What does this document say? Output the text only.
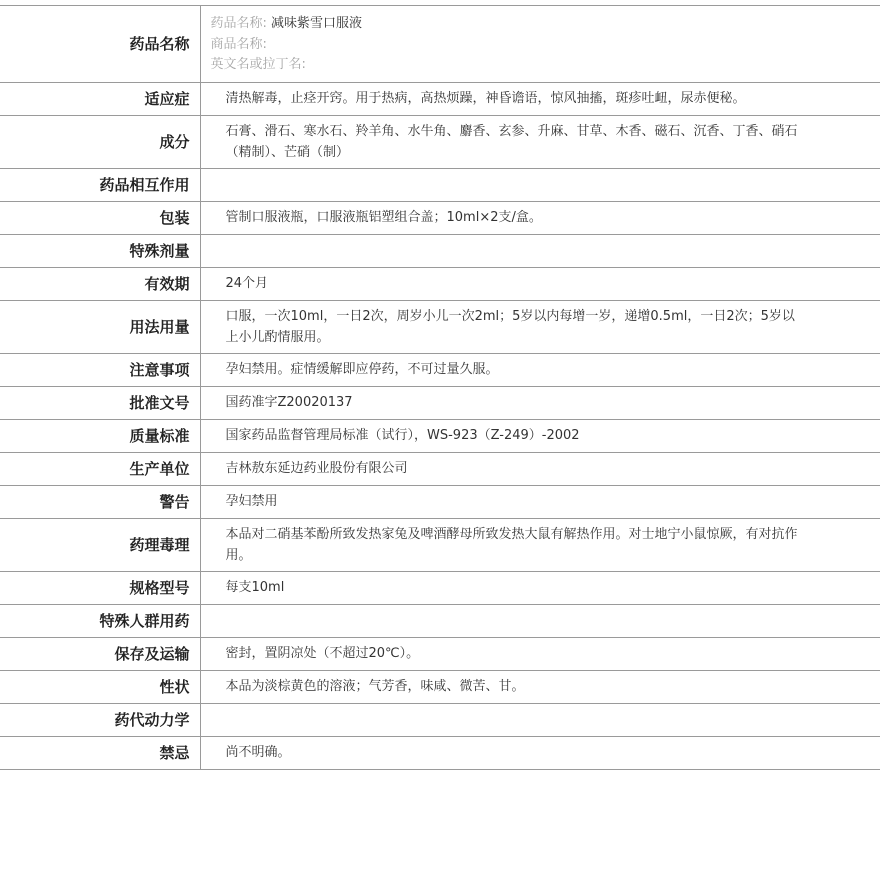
药品名称	药品名称: 减味紫雪口服液
商品名称:
英文名或拉丁名:

适应症	清热解毒，止痉开窍。用于热病，高热烦躁，神昏谵语，惊风抽搐，斑疹吐衄，尿赤便秘。
成分	石膏、滑石、寒水石、羚羊角、水牛角、麝香、玄参、升麻、甘草、木香、磁石、沉香、丁香、硝石（精制）、芒硝（制）
药品相互作用	
包装	管制口服液瓶，口服液瓶铝塑组合盖；10ml×2支/盒。
特殊剂量	
有效期	24个月
用法用量	口服，一次10ml，一日2次，周岁小儿一次2ml；5岁以内每增一岁，递增0.5ml，一日2次；5岁以上小儿酌情服用。
注意事项	孕妇禁用。症情缓解即应停药，不可过量久服。
批准文号	国药准字Z20020137
质量标准	国家药品监督管理局标准（试行），WS-923（Z-249）-2002
生产单位	吉林敖东延边药业股份有限公司
警告	孕妇禁用
药理毒理	本品对二硝基苯酚所致发热家兔及啤酒酵母所致发热大鼠有解热作用。对士地宁小鼠惊厥，有对抗作用。
规格型号	每支10ml
特殊人群用药	
保存及运输	密封，置阴凉处（不超过20℃）。
性状	本品为淡棕黄色的溶液；气芳香，味咸、微苦、甘。
药代动力学	
禁忌	尚不明确。
